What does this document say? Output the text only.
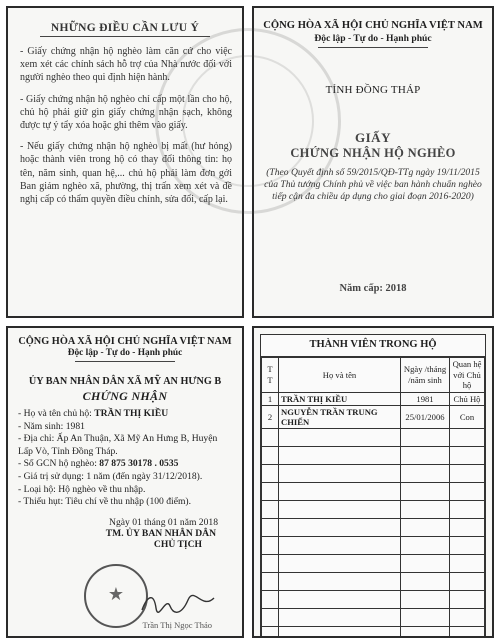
NHỮNG ĐIỀU CẦN LƯU Ý

- Giấy chứng nhận hộ nghèo làm căn cứ cho việc xem xét các chính sách hỗ trợ của Nhà nước đối với người nghèo theo qui định hiện hành.

- Giấy chứng nhận hộ nghèo chỉ cấp một lần cho hộ, chủ hộ phải giữ gìn giấy chứng nhận sạch, không được tự ý tẩy xóa hoặc ghi thêm vào giấy.

- Nếu giấy chứng nhận hộ nghèo bị mất (hư hỏng) hoặc thành viên trong hộ có thay đổi thông tin: họ tên, năm sinh, quan hệ,... chủ hộ phải làm đơn gởi Ban giảm nghèo xã, phường, thị trấn xem xét và đề nghị cấp có thẩm quyền điều chỉnh, sửa đổi, cấp lại.

CỘNG HÒA XÃ HỘI CHỦ NGHĨA VIỆT NAM
Độc lập - Tự do - Hạnh phúc
TỈNH ĐỒNG THÁP
GIẤY
CHỨNG NHẬN HỘ NGHÈO
(Theo Quyết định số 59/2015/QĐ-TTg ngày 19/11/2015 của Thủ tướng Chính phủ về việc ban hành chuẩn nghèo tiếp cận đa chiều áp dụng cho giai đoạn 2016-2020)
Năm cấp: 2018
CỘNG HÒA XÃ HỘI CHỦ NGHĨA VIỆT NAM
Độc lập - Tự do - Hạnh phúc
ỦY BAN NHÂN DÂN XÃ MỸ AN HƯNG B
CHỨNG NHẬN
- Họ và tên chủ hộ: TRẦN THỊ KIỀU
- Năm sinh: 1981
- Địa chỉ: Ấp An Thuận, Xã Mỹ An Hưng B, Huyện Lấp Vò, Tỉnh Đồng Tháp.
- Số GCN hộ nghèo: 87 875 30178 . 0535
- Giá trị sử dụng: 1 năm (đến ngày 31/12/2018).
- Loại hộ: Hộ nghèo về thu nhập.
- Thiếu hụt: Tiêu chí về thu nhập (100 điểm).
Ngày 01 tháng 01 năm 2018
TM. ỦY BAN NHÂN DÂN
CHỦ TỊCH
★
Trần Thị Ngọc Thảo
THÀNH VIÊN TRONG HỘ
T T	Họ và tên	Ngày /tháng /năm sinh	Quan hệ với Chủ hộ
1	TRẦN THỊ KIỀU	1981	Chủ Hộ
2	NGUYỄN TRẦN TRUNG CHIẾN	25/01/2006	Con
